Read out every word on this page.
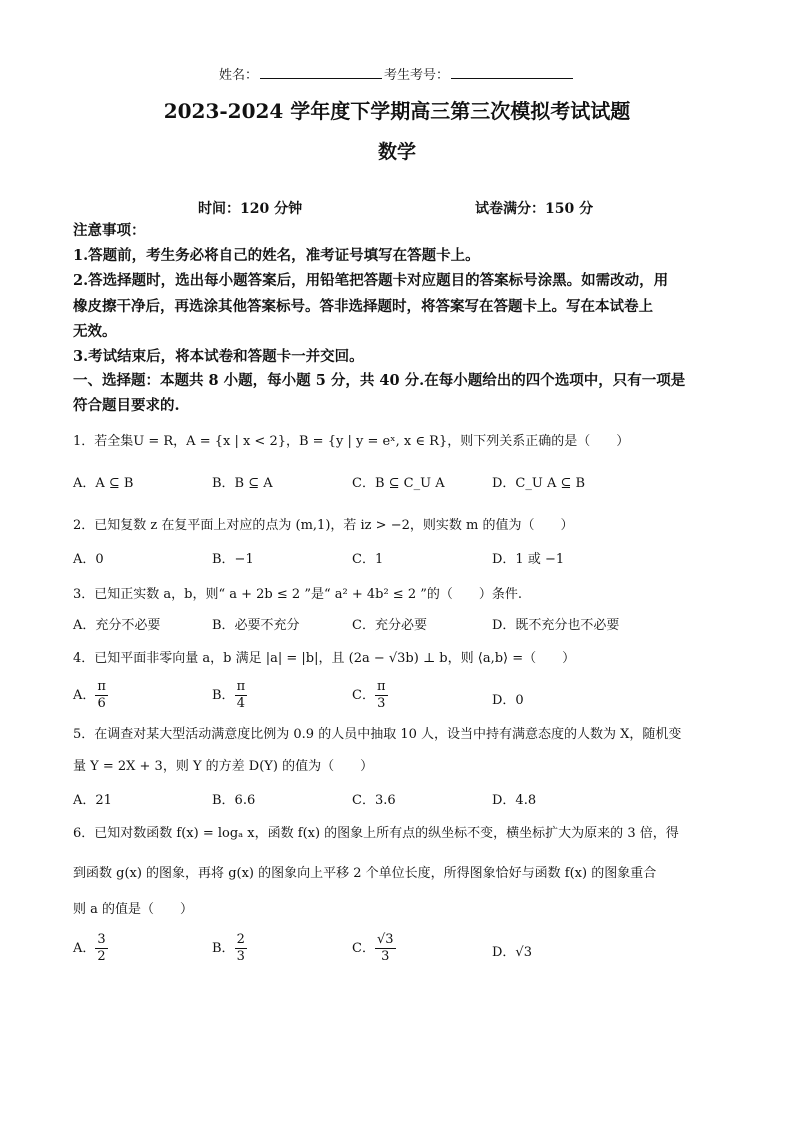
姓名：	考生考号：
2023-2024 学年度下学期高三第三次模拟考试试题
数学
时间：120 分钟	试卷满分：150 分
注意事项：
1.答题前，考生务必将自己的姓名，准考证号填写在答题卡上。
2.答选择题时，选出每小题答案后，用铅笔把答题卡对应题目的答案标号涂黑。如需改动，用
橡皮擦干净后，再选涂其他答案标号。答非选择题时，将答案写在答题卡上。写在本试卷上
无效。
3.考试结束后，将本试卷和答题卡一并交回。
一、选择题：本题共 8 小题，每小题 5 分，共 40 分.在每小题给出的四个选项中，只有一项是
符合题目要求的.
1．若全集U = R，A = {x | x < 2}，B = {y | y = eˣ, x ∈ R}，则下列关系正确的是（　　）
A．A ⊆ B	B．B ⊆ A	C．B ⊆ C_U A	D．C_U A ⊆ B
2．已知复数 z 在复平面上对应的点为 (m,1)，若 iz > −2，则实数 m 的值为（　　）
A．0	B．−1	C．1	D．1 或 −1
3．已知正实数 a，b，则“ a + 2b ≤ 2 ”是“ a² + 4b² ≤ 2 ”的（　　）条件.
A．充分不必要	B．必要不充分	C．充分必要	D．既不充分也不必要
4．已知平面非零向量 a，b 满足 |a| = |b|，且 (2a − √3b) ⊥ b，则 ⟨a,b⟩ =（　　）
A． $\frac{\pi}{6}$	B． $\frac{\pi}{4}$	C． $\frac{\pi}{3}$	D．0
5．在调查对某大型活动满意度比例为 0.9 的人员中抽取 10 人，设当中持有满意态度的人数为 X，随机变
量 Y = 2X + 3，则 Y 的方差 D(Y) 的值为（　　）
A．21	B．6.6	C．3.6	D．4.8
6．已知对数函数 f(x) = logₐ x，函数 f(x) 的图象上所有点的纵坐标不变，横坐标扩大为原来的 3 倍，得
到函数 g(x) 的图象，再将 g(x) 的图象向上平移 2 个单位长度，所得图象恰好与函数 f(x) 的图象重合
则 a 的值是（　　）
A． $\frac{3}{2}$	B． $\frac{2}{3}$	C． $\frac{√3}{3}$	D．√3
